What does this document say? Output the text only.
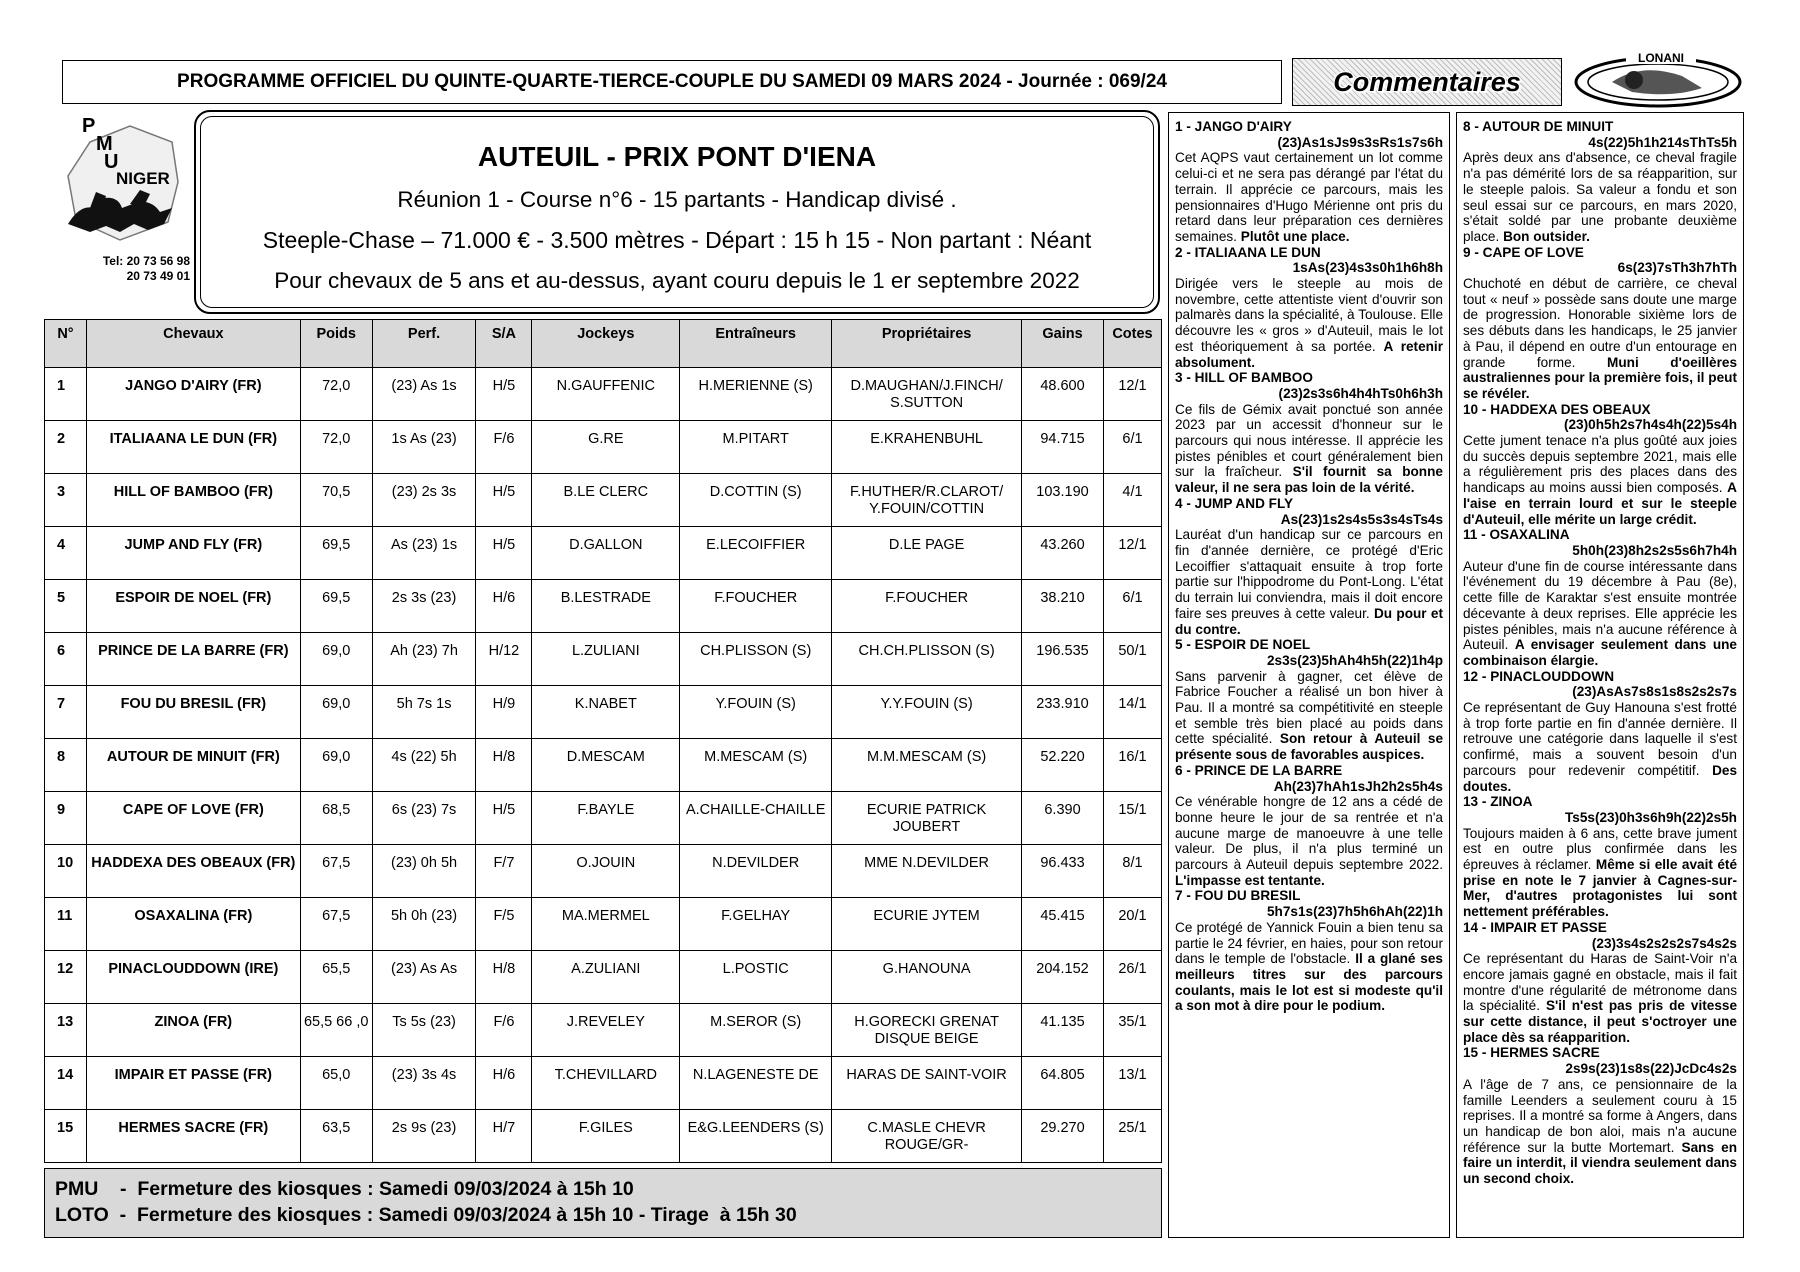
PROGRAMME OFFICIEL DU QUINTE-QUARTE-TIERCE-COUPLE DU SAMEDI 09 MARS 2024 - Journée : 069/24	Commentaires
LONANI
P
M
U
NIGER
Tel: 20 73 56 98
20 73 49 01
AUTEUIL - PRIX PONT D'IENA
Réunion 1 - Course n°6 - 15 partants - Handicap divisé .
Steeple-Chase – 71.000 € - 3.500 mètres - Départ : 15 h 15 - Non partant : Néant
Pour chevaux de 5 ans et au-dessus, ayant couru depuis le 1 er septembre 2022
N°	Chevaux	Poids	Perf.	S/A	Jockeys	Entraîneurs	Propriétaires	Gains	Cotes
1	JANGO D'AIRY (FR)	72,0	(23) As 1s	H/5	N.GAUFFENIC	H.MERIENNE (S)	D.MAUGHAN/J.FINCH/ S.SUTTON	48.600	12/1
2	ITALIAANA LE DUN (FR)	72,0	1s As (23)	F/6	G.RE	M.PITART	E.KRAHENBUHL	94.715	6/1
3	HILL OF BAMBOO (FR)	70,5	(23) 2s 3s	H/5	B.LE CLERC	D.COTTIN (S)	F.HUTHER/R.CLAROT/ Y.FOUIN/COTTIN	103.190	4/1
4	JUMP AND FLY (FR)	69,5	As (23) 1s	H/5	D.GALLON	E.LECOIFFIER	D.LE PAGE	43.260	12/1
5	ESPOIR DE NOEL (FR)	69,5	2s 3s (23)	H/6	B.LESTRADE	F.FOUCHER	F.FOUCHER	38.210	6/1
6	PRINCE DE LA BARRE (FR)	69,0	Ah (23) 7h	H/12	L.ZULIANI	CH.PLISSON (S)	CH.CH.PLISSON (S)	196.535	50/1
7	FOU DU BRESIL (FR)	69,0	5h 7s 1s	H/9	K.NABET	Y.FOUIN (S)	Y.Y.FOUIN (S)	233.910	14/1
8	AUTOUR DE MINUIT (FR)	69,0	4s (22) 5h	H/8	D.MESCAM	M.MESCAM (S)	M.M.MESCAM (S)	52.220	16/1
9	CAPE OF LOVE (FR)	68,5	6s (23) 7s	H/5	F.BAYLE	A.CHAILLE-CHAILLE	ECURIE PATRICK JOUBERT	6.390	15/1
10	HADDEXA DES OBEAUX (FR)	67,5	(23) 0h 5h	F/7	O.JOUIN	N.DEVILDER	MME N.DEVILDER	96.433	8/1
11	OSAXALINA (FR)	67,5	5h 0h (23)	F/5	MA.MERMEL	F.GELHAY	ECURIE JYTEM	45.415	20/1
12	PINACLOUDDOWN (IRE)	65,5	(23) As As	H/8	A.ZULIANI	L.POSTIC	G.HANOUNA	204.152	26/1
13	ZINOA (FR)	65,5 66 ,0	Ts 5s (23)	F/6	J.REVELEY	M.SEROR (S)	H.GORECKI GRENAT DISQUE BEIGE	41.135	35/1
14	IMPAIR ET PASSE (FR)	65,0	(23) 3s 4s	H/6	T.CHEVILLARD	N.LAGENESTE DE	HARAS DE SAINT-VOIR	64.805	13/1
15	HERMES SACRE (FR)	63,5	2s 9s (23)	H/7	F.GILES	E&G.LEENDERS (S)	C.MASLE CHEVR ROUGE/GR-	29.270	25/1
PMU    -  Fermeture des kiosques : Samedi 09/03/2024 à 15h 10
LOTO  -  Fermeture des kiosques : Samedi 09/03/2024 à 15h 10 - Tirage  à 15h 30
1 - JANGO D'AIRY
(23)As1sJs9s3sRs1s7s6h
Cet AQPS vaut certainement un lot comme celui-ci et ne sera pas dérangé par l'état du terrain. Il apprécie ce parcours, mais les pensionnaires d'Hugo Mérienne ont pris du retard dans leur préparation ces dernières semaines. Plutôt une place.
2 - ITALIAANA LE DUN
1sAs(23)4s3s0h1h6h8h
Dirigée vers le steeple au mois de novembre, cette attentiste vient d'ouvrir son palmarès dans la spécialité, à Toulouse. Elle découvre les « gros » d'Auteuil, mais le lot est théoriquement à sa portée. A retenir absolument.
3 - HILL OF BAMBOO
(23)2s3s6h4h4hTs0h6h3h
Ce fils de Gémix avait ponctué son année 2023 par un accessit d'honneur sur le parcours qui nous intéresse. Il apprécie les pistes pénibles et court généralement bien sur la fraîcheur. S'il fournit sa bonne valeur, il ne sera pas loin de la vérité.
4 - JUMP AND FLY
As(23)1s2s4s5s3s4sTs4s
Lauréat d'un handicap sur ce parcours en fin d'année dernière, ce protégé d'Eric Lecoiffier s'attaquait ensuite à trop forte partie sur l'hippodrome du Pont-Long. L'état du terrain lui conviendra, mais il doit encore faire ses preuves à cette valeur. Du pour et du contre.
5 - ESPOIR DE NOEL
2s3s(23)5hAh4h5h(22)1h4p
Sans parvenir à gagner, cet élève de Fabrice Foucher a réalisé un bon hiver à Pau. Il a montré sa compétitivité en steeple et semble très bien placé au poids dans cette spécialité. Son retour à Auteuil se présente sous de favorables auspices.
6 - PRINCE DE LA BARRE
Ah(23)7hAh1sJh2h2s5h4s
Ce vénérable hongre de 12 ans a cédé de bonne heure le jour de sa rentrée et n'a aucune marge de manoeuvre à une telle valeur. De plus, il n'a plus terminé un parcours à Auteuil depuis septembre 2022. L'impasse est tentante.
7 - FOU DU BRESIL
5h7s1s(23)7h5h6hAh(22)1h
Ce protégé de Yannick Fouin a bien tenu sa partie le 24 février, en haies, pour son retour dans le temple de l'obstacle. Il a glané ses meilleurs titres sur des parcours coulants, mais le lot est si modeste qu'il a son mot à dire pour le podium.
8 - AUTOUR DE MINUIT
4s(22)5h1h214sThTs5h
Après deux ans d'absence, ce cheval fragile n'a pas démérité lors de sa réapparition, sur le steeple palois. Sa valeur a fondu et son seul essai sur ce parcours, en mars 2020, s'était soldé par une probante deuxième place. Bon outsider.
9 - CAPE OF LOVE
6s(23)7sTh3h7hTh
Chuchoté en début de carrière, ce cheval tout « neuf » possède sans doute une marge de progression. Honorable sixième lors de ses débuts dans les handicaps, le 25 janvier à Pau, il dépend en outre d'un entourage en grande forme. Muni d'oeillères australiennes pour la première fois, il peut se révéler.
10 - HADDEXA DES OBEAUX
(23)0h5h2s7h4s4h(22)5s4h
Cette jument tenace n'a plus goûté aux joies du succès depuis septembre 2021, mais elle a régulièrement pris des places dans des handicaps au moins aussi bien composés. A l'aise en terrain lourd et sur le steeple d'Auteuil, elle mérite un large crédit.
11 - OSAXALINA
5h0h(23)8h2s2s5s6h7h4h
Auteur d'une fin de course intéressante dans l'événement du 19 décembre à Pau (8e), cette fille de Karaktar s'est ensuite montrée décevante à deux reprises. Elle apprécie les pistes pénibles, mais n'a aucune référence à Auteuil. A envisager seulement dans une combinaison élargie.
12 - PINACLOUDDOWN
(23)AsAs7s8s1s8s2s2s7s
Ce représentant de Guy Hanouna s'est frotté à trop forte partie en fin d'année dernière. Il retrouve une catégorie dans laquelle il s'est confirmé, mais a souvent besoin d'un parcours pour redevenir compétitif. Des doutes.
13 - ZINOA
Ts5s(23)0h3s6h9h(22)2s5h
Toujours maiden à 6 ans, cette brave jument est en outre plus confirmée dans les épreuves à réclamer. Même si elle avait été prise en note le 7 janvier à Cagnes-sur-Mer, d'autres protagonistes lui sont nettement préférables.
14 - IMPAIR ET PASSE
(23)3s4s2s2s2s7s4s2s
Ce représentant du Haras de Saint-Voir n'a encore jamais gagné en obstacle, mais il fait montre d'une régularité de métronome dans la spécialité. S'il n'est pas pris de vitesse sur cette distance, il peut s'octroyer une place dès sa réapparition.
15 - HERMES SACRE
2s9s(23)1s8s(22)JcDc4s2s
A l'âge de 7 ans, ce pensionnaire de la famille Leenders a seulement couru à 15 reprises. Il a montré sa forme à Angers, dans un handicap de bon aloi, mais n'a aucune référence sur la butte Mortemart. Sans en faire un interdit, il viendra seulement dans un second choix.
